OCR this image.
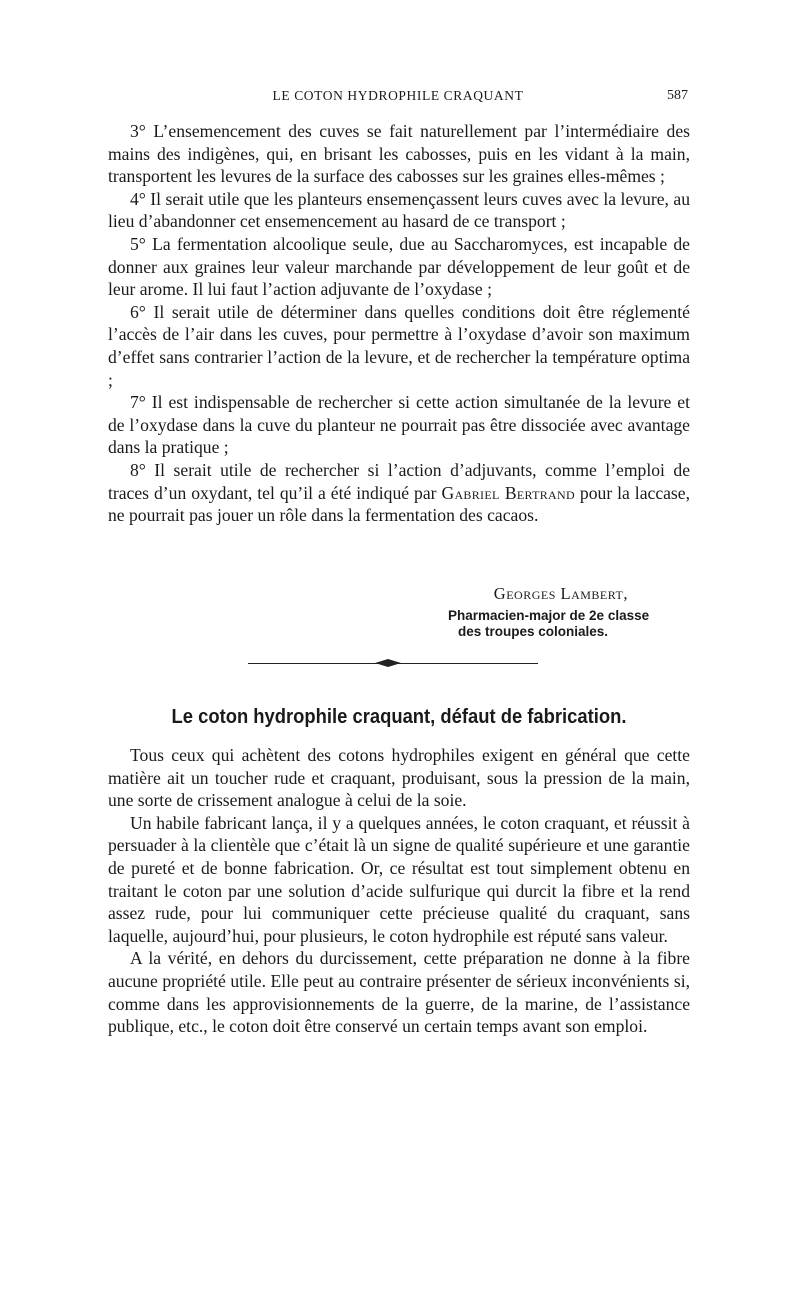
LE COTON HYDROPHILE CRAQUANT	587

3° L’ensemencement des cuves se fait naturellement par l’intermédiaire des mains des indigènes, qui, en brisant les cabosses, puis en les vidant à la main, transportent les levures de la surface des cabosses sur les graines elles-mêmes ;

4° Il serait utile que les planteurs ensemençassent leurs cuves avec la levure, au lieu d’abandonner cet ensemencement au hasard de ce transport ;

5° La fermentation alcoolique seule, due au Saccharomyces, est incapable de donner aux graines leur valeur marchande par développement de leur goût et de leur arome. Il lui faut l’action adjuvante de l’oxydase ;

6° Il serait utile de déterminer dans quelles conditions doit être réglementé l’accès de l’air dans les cuves, pour permettre à l’oxydase d’avoir son maximum d’effet sans contrarier l’action de la levure, et de rechercher la température optima ;

7° Il est indispensable de rechercher si cette action simultanée de la levure et de l’oxydase dans la cuve du planteur ne pourrait pas être dissociée avec avantage dans la pratique ;

8° Il serait utile de rechercher si l’action d’adjuvants, comme l’emploi de traces d’un oxydant, tel qu’il a été indiqué par Gabriel Bertrand pour la laccase, ne pourrait pas jouer un rôle dans la fermentation des cacaos.

Georges Lambert,
Pharmacien-major de 2e classe
des troupes coloniales.
Le coton hydrophile craquant, défaut de fabrication.

Tous ceux qui achètent des cotons hydrophiles exigent en général que cette matière ait un toucher rude et craquant, produisant, sous la pression de la main, une sorte de crissement analogue à celui de la soie.

Un habile fabricant lança, il y a quelques années, le coton craquant, et réussit à persuader à la clientèle que c’était là un signe de qualité supérieure et une garantie de pureté et de bonne fabrication. Or, ce résultat est tout simplement obtenu en traitant le coton par une solution d’acide sulfurique qui durcit la fibre et la rend assez rude, pour lui communiquer cette précieuse qualité du craquant, sans laquelle, aujourd’hui, pour plusieurs, le coton hydrophile est réputé sans valeur.

A la vérité, en dehors du durcissement, cette préparation ne donne à la fibre aucune propriété utile. Elle peut au contraire présenter de sérieux inconvénients si, comme dans les approvisionnements de la guerre, de la marine, de l’assistance publique, etc., le coton doit être conservé un certain temps avant son emploi.
